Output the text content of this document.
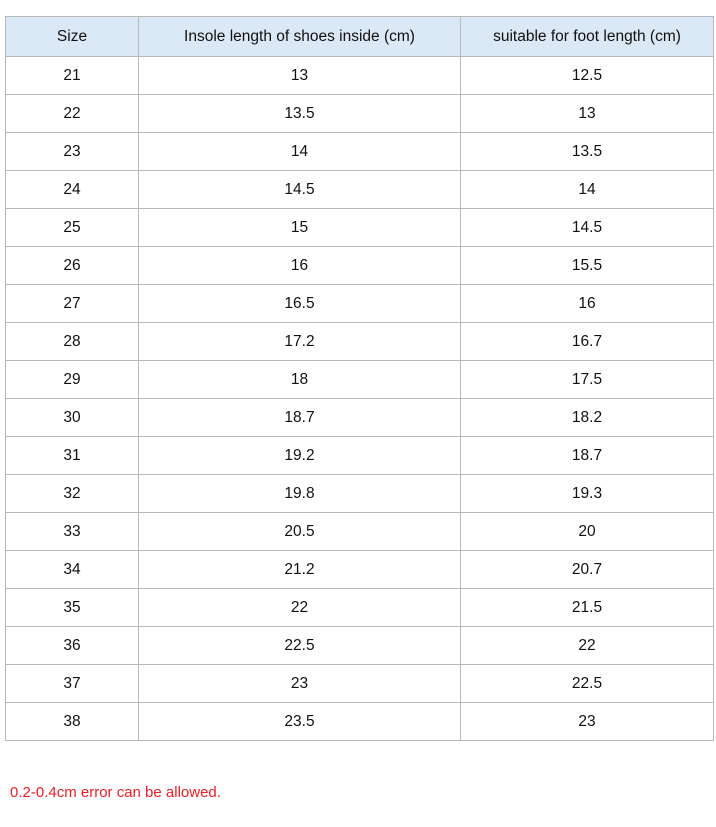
Size	Insole length of shoes inside (cm)	suitable for foot length (cm)
21	13	12.5
22	13.5	13
23	14	13.5
24	14.5	14
25	15	14.5
26	16	15.5
27	16.5	16
28	17.2	16.7
29	18	17.5
30	18.7	18.2
31	19.2	18.7
32	19.8	19.3
33	20.5	20
34	21.2	20.7
35	22	21.5
36	22.5	22
37	23	22.5
38	23.5	23
0.2-0.4cm error can be allowed.
